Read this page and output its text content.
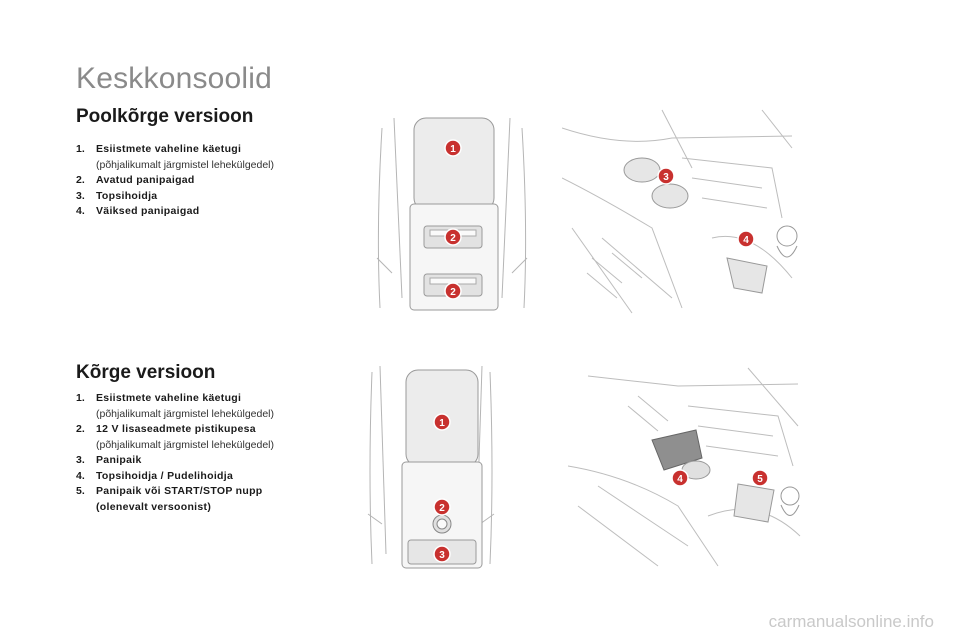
Keskkonsoolid
Poolkõrge versioon
1. Esiistmete vaheline käetugi
(põhjalikumalt järgmistel lehekülgedel)
2. Avatud panipaigad
3. Topsihoidja
4. Väiksed panipaigad
1
2
2
3
4
Kõrge versioon
1. Esiistmete vaheline käetugi
(põhjalikumalt järgmistel lehekülgedel)
2. 12 V lisaseadmete pistikupesa
(põhjalikumalt järgmistel lehekülgedel)
3. Panipaik
4. Topsihoidja / Pudelihoidja
5. Panipaik või START/STOP nupp
(olenevalt versoonist)
1
2
3
4	5
carmanualsonline.info
